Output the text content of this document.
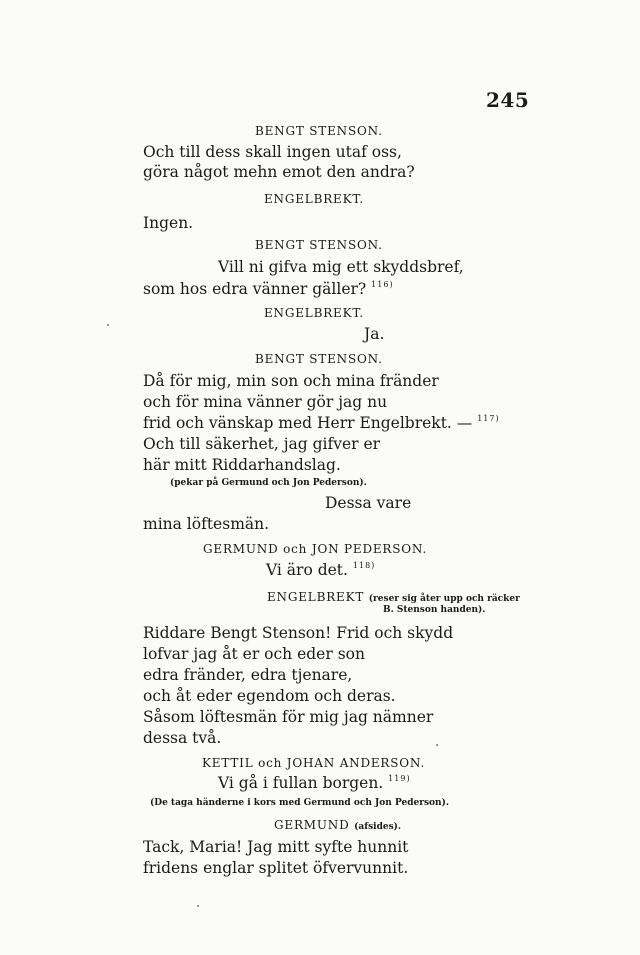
245
BENGT STENSON.
Och till dess skall ingen utaf oss,
göra något mehn emot den andra?
ENGELBREKT.
Ingen.
BENGT STENSON.
Vill ni gifva mig ett skyddsbref,
som hos edra vänner gäller? $^{116)}$
ENGELBREKT.
Ja.
BENGT STENSON.
Då för mig, min son och mina fränder
och för mina vänner gör jag nu
frid och vänskap med Herr Engelbrekt. — $^{117)}$
Och till säkerhet, jag gifver er
här mitt Riddarhandslag.
(pekar på Germund och Jon Pederson).
Dessa vare
mina löftesmän.
GERMUND och JON PEDERSON.
Vi äro det. $^{118)}$
ENGELBREKT (reser sig åter upp och räcker
B. Stenson handen).
Riddare Bengt Stenson! Frid och skydd
lofvar jag åt er och eder son
edra fränder, edra tjenare,
och åt eder egendom och deras.
Såsom löftesmän för mig jag nämner
dessa två.
KETTIL och JOHAN ANDERSON.
Vi gå i fullan borgen. $^{119)}$
(De taga händerne i kors med Germund och Jon Pederson).
GERMUND (afsides).
Tack, Maria! Jag mitt syfte hunnit
fridens englar splitet öfvervunnit.
